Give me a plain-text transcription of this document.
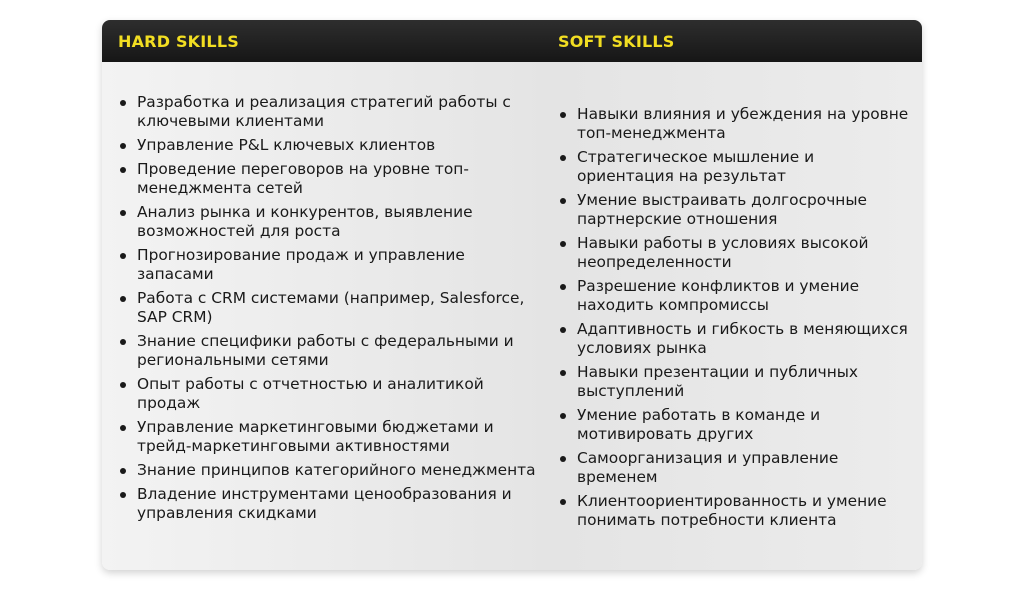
HARD SKILLS	SOFT SKILLS
Разработка и реализация стратегий работы с ключевыми клиентами
Управление P&L ключевых клиентов
Проведение переговоров на уровне топ-менеджмента сетей
Анализ рынка и конкурентов, выявление возможностей для роста
Прогнозирование продаж и управление запасами
Работа с CRM системами (например, Salesforce, SAP CRM)
Знание специфики работы с федеральными и региональными сетями
Опыт работы с отчетностью и аналитикой продаж
Управление маркетинговыми бюджетами и трейд-маркетинговыми активностями
Знание принципов категорийного менеджмента
Владение инструментами ценообразования и управления скидками
Навыки влияния и убеждения на уровне топ-менеджмента
Стратегическое мышление и ориентация на результат
Умение выстраивать долгосрочные партнерские отношения
Навыки работы в условиях высокой неопределенности
Разрешение конфликтов и умение находить компромиссы
Адаптивность и гибкость в меняющихся условиях рынка
Навыки презентации и публичных выступлений
Умение работать в команде и мотивировать других
Самоорганизация и управление временем
Клиентоориентированность и умение понимать потребности клиента
